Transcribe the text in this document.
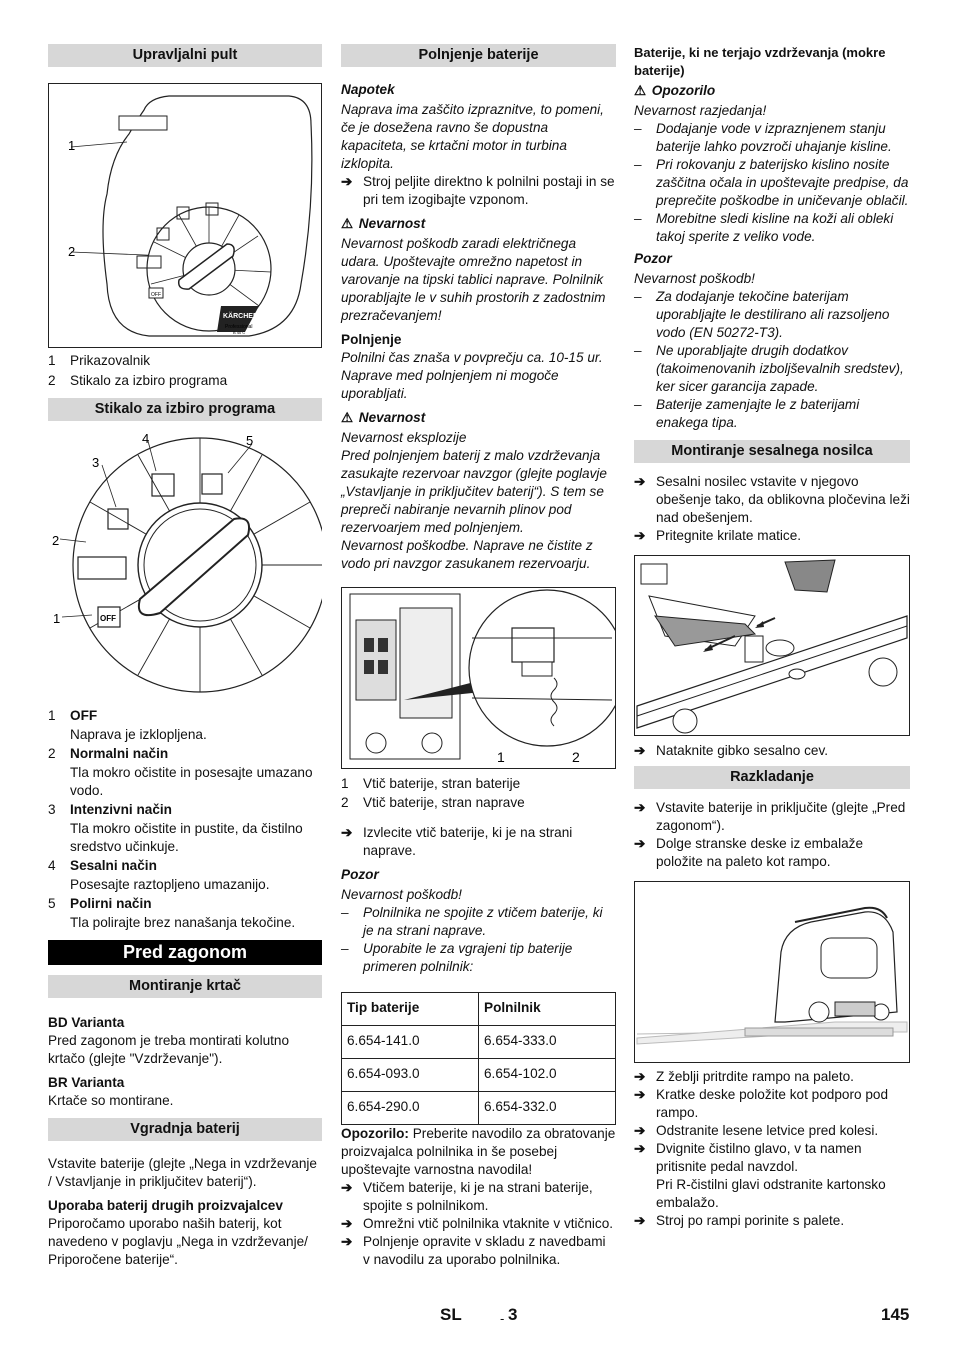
Upravljalni pult
OFF
KÄRCHER
Professional
B 40 C
1
2
1	Prikazovalnik
2	Stikalo za izbiro programa
Stikalo za izbiro programa
OFF
1
2
3
4	5
1	OFF
Naprava je izklopljena.
2	Normalni način
Tla mokro očistite in posesajte umazano vodo.
3	Intenzivni način
Tla mokro očistite in pustite, da čistilno sredstvo učinkuje.
4	Sesalni način
Posesajte raztopljeno umazanijo.
5	Polirni način
Tla polirajte brez nanašanja tekočine.
Pred zagonom
Montiranje krtač

BD Varianta

Pred zagonom je treba montirati kolutno krtačo (glejte "Vzdrževanje").

BR Varianta

Krtače so montirane.

Vgradnja baterij

Vstavite baterije (glejte „Nega in vzdrževanje / Vstavljanje in priključitev baterij“).

Uporaba baterij drugih proizvajalcev

Priporočamo uporabo naših baterij, kot navedeno v poglavju „Nega in vzdrževanje/ Priporočene baterije“.

Polnjenje baterije

Napotek

Naprava ima zaščito izpraznitve, to pomeni, če je dosežena ravno še dopustna kapaciteta, se krtačni motor in turbina izklopita.

➔ Stroj peljite direktno k polnilni postaji in se pri tem izogibajte vzponom.

⚠ Nevarnost

Nevarnost poškodb zaradi električnega udara. Upoštevajte omrežno napetost in varovanje na tipski tablici naprave. Polnilnik uporabljajte le v suhih prostorih z zadostnim prezračevanjem!

Polnjenje

Polnilni čas znaša v povprečju ca. 10-15 ur. Naprave med polnjenjem ni mogoče uporabljati.

⚠ Nevarnost

Nevarnost eksplozije

Pred polnjenjem baterij z malo vzdrževanja zasukajte rezervoar navzgor (glejte poglavje „Vstavljanje in priključitev baterij“). S tem se prepreči nabiranje nevarnih plinov pod rezervoarjem med polnjenjem.

Nevarnost poškodbe. Naprave ne čistite z vodo pri navzgor zasukanem rezervoarju.

1	2
1	Vtič baterije, stran baterije
2	Vtič baterije, stran naprave
➔ Izvlecite vtič baterije, ki je na strani naprave.

Pozor

Nevarnost poškodb!

–	Polnilnika ne spojite z vtičem baterije, ki je na strani naprave.
–	Uporabite le za vgrajeni tip baterije primeren polnilnik:
Tip baterije	Polnilnik
6.654-141.0	6.654-333.0
6.654-093.0	6.654-102.0
6.654-290.0	6.654-332.0

Opozorilo: Preberite navodilo za obratovanje proizvajalca polnilnika in še posebej upoštevajte varnostna navodila!

➔ Vtičem baterije, ki je na strani baterije, spojite s polnilnikom.
➔ Omrežni vtič polnilnika vtaknite v vtičnico.
➔ Polnjenje opravite v skladu z navedbami v navodilu za uporabo polnilnika.

Baterije, ki ne terjajo vzdrževanja (mokre baterije)

⚠ Opozorilo

Nevarnost razjedanja!

–	Dodajanje vode v izpraznjenem stanju baterije lahko povzroči uhajanje kisline.
–	Pri rokovanju z baterijsko kislino nosite zaščitna očala in upoštevajte predpise, da preprečite poškodbe in uničevanje oblačil.
–	Morebitne sledi kisline na koži ali obleki takoj sperite z veliko vode.

Pozor

Nevarnost poškodb!

–	Za dodajanje tekočine baterijam uporabljajte le destilirano ali razsoljeno vodo (EN 50272-T3).
–	Ne uporabljajte drugih dodatkov (takoimenovanih izboljševalnih sredstev), ker sicer garancija zapade.
–	Baterije zamenjajte le z baterijami enakega tipa.
Montiranje sesalnega nosilca
➔ Sesalni nosilec vstavite v njegovo obešenje tako, da oblikovna pločevina leži nad obešenjem.
➔ Pritegnite krilate matice.
➔ Nataknite gibko sesalno cev.
Razkladanje
➔ Vstavite baterije in priključite (glejte „Pred zagonom“).
➔ Dolge stranske deske iz embalaže položite na paleto kot rampo.
➔ Z žeblji pritrdite rampo na paleto.
➔ Kratke deske položite kot podporo pod rampo.
➔ Odstranite lesene letvice pred kolesi.
➔ Dvignite čistilno glavo, v ta namen pritisnite pedal navzdol.
Pri R-čistilni glavi odstranite kartonsko embalažo.
➔ Stroj po rampi porinite s palete.
SL	- 3	145
